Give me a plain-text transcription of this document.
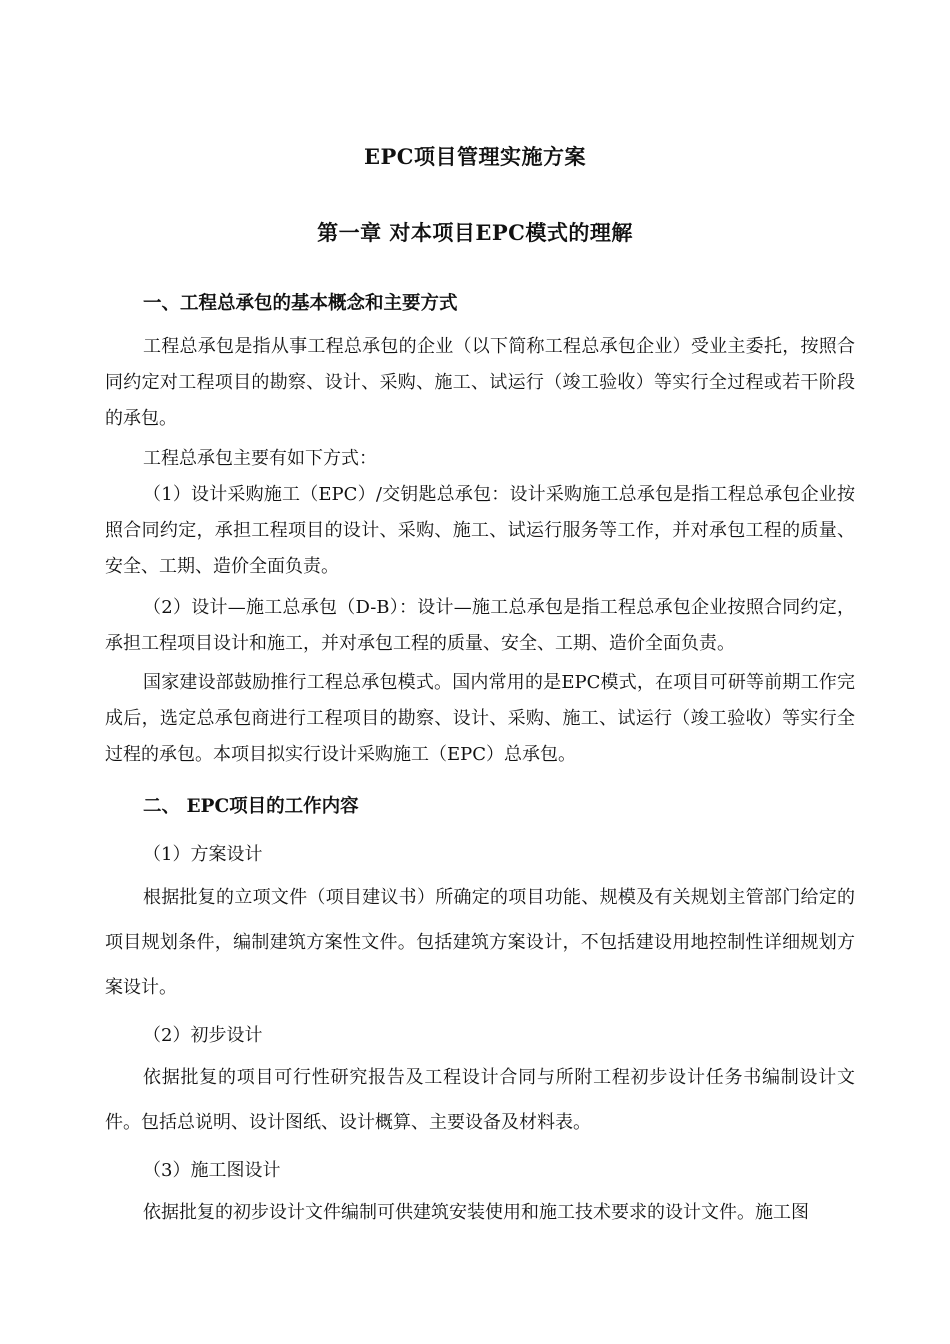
EPC项目管理实施方案
第一章 对本项目EPC模式的理解
一、工程总承包的基本概念和主要方式
工程总承包是指从事工程总承包的企业（以下简称工程总承包企业）受业主委托，按照合同约定对工程项目的勘察、设计、采购、施工、试运行（竣工验收）等实行全过程或若干阶段的承包。
工程总承包主要有如下方式：
（1）设计采购施工（EPC）/交钥匙总承包：设计采购施工总承包是指工程总承包企业按照合同约定，承担工程项目的设计、采购、施工、试运行服务等工作，并对承包工程的质量、安全、工期、造价全面负责。
（2）设计—施工总承包（D-B）：设计—施工总承包是指工程总承包企业按照合同约定，承担工程项目设计和施工，并对承包工程的质量、安全、工期、造价全面负责。
国家建设部鼓励推行工程总承包模式。国内常用的是EPC模式，在项目可研等前期工作完成后，选定总承包商进行工程项目的勘察、设计、采购、施工、试运行（竣工验收）等实行全过程的承包。本项目拟实行设计采购施工（EPC）总承包。
二、 EPC项目的工作内容
（1）方案设计
根据批复的立项文件（项目建议书）所确定的项目功能、规模及有关规划主管部门给定的项目规划条件，编制建筑方案性文件。包括建筑方案设计，不包括建设用地控制性详细规划方案设计。
（2）初步设计
依据批复的项目可行性研究报告及工程设计合同与所附工程初步设计任务书编制设计文件。包括总说明、设计图纸、设计概算、主要设备及材料表。
（3）施工图设计
依据批复的初步设计文件编制可供建筑安装使用和施工技术要求的设计文件。施工图
